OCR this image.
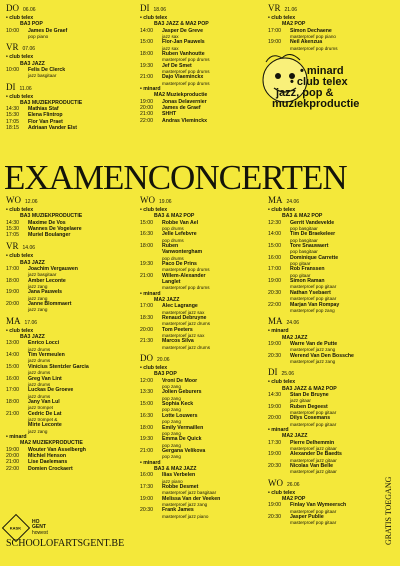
DO 06.06
• club telex
BA3 POP
10:00	James De Graef
pop piano
VR 07.06
• club telex
BA3 JAZZ
10:00	Felis De Clerck
jazz basgitaar
DI 11.06
• club telex
BA3 MUZIEKPRODUCTIE
14:30	Mathias Staf
15:30	Elena Flintrop
17:05	Flor Van Praet
18:15	Adriaan Vander Elst
DI 18.06
• club telex
BA3 JAZZ & MA2 POP
14:00	Jasper De Greve
jazz sax
15:00	Flor-Jan Pauwels
jazz sax
18:00	Ruben Vanhoutte
masterproef pop drums
19:30	Jef De Smet
masterproef pop drums
21:00	Dajo Vlaeminckx
masterproef pop drums
• minard
MA2 Muziekproductie
19:00	Jonas Delavernier
20:00	James de Graef
21:00	SHHT
22:00	Andras Vleminckx
VR 21.06
• club telex
MA2 POP
17:00	Simon Dechaene
masterproef pop piano
19:00	Neil Akenzua
masterproef pop drums
• minard
• club telex
jazz, pop &
muziekproductie
EXAMENCONCERTEN
WO 12.06
• club telex
BA3 MUZIEKPRODUCTIE
14:30	Maxime De Vos
15:30	Wannes De Vogelaere
17:05	Muriel Boulanger
VR 14.06
• club telex
BA3 JAZZ
17:00	Joachim Vergauwen
jazz basgitaar
18:00	Amber Leconte
jazz zang
19:00	Jana Pauwels
jazz zang
20:00	Janne Blommaert
jazz zang
MA 17.06
• club telex
BA3 JAZZ
13:00	Enrico Locci
jazz drums
14:00	Tim Vermeulen
jazz drums
15:00	Vinicius Stentzler Garcia
jazz drums
16:00	Greg Van Lint
jazz drums
17:00	Luckas De Groeve
jazz drums
18:00	Jany Van Lul
jazz trompet
21:00	Cedric De Lat
jazz trompet &
Mirte Leconte
jazz zang
• minard
MA2 MUZIEKPRODUCTIE
19:00	Wouter Van Asselbergh
20:00	Michiel Henson
21:00	Lise Daelemans
22:00	Domien Crockaert
WO 19.06
• club telex
BA3 & MA2 POP
15:00	Robbe Van Ael
pop drums
16:30	Jelle Lefebvre
pop drums
18:00	Ruben
Vanwontergham
pop drums
19:30	Paco De Prins
masterproef pop drums
21:00	Willem-Alexander
Langlet
masterproef pop drums
• minard
MA2 JAZZ
17:00	Alec Lagrange
masterproef jazz sax
18:30	Renaud Debruyne
masterproef jazz drums
20:00	Tom Peeters
masterproef jazz sax
21:30	Marcos Silva
masterproef jazz drums
DO 20.06
• club telex
BA3 POP
12:00	Vroni De Moor
pop zang
13:30	Jolien Geburers
pop zang
15:00	Sophia Keck
pop zang
16:30	Lotte Louwers
pop zang
18:00	Emily Vermaillen
pop zang
19:30	Emma De Quick
pop zang
21:00	Gergana Velikova
pop zang
• minard
BA3 & MA2 JAZZ
16:00	Ilias Verbelen
jazz piano
17:30	Robbe Desmet
masterproef jazz basgitaar
19:00	Melissa Van der Veeken
masterproef jazz zang
20:30	Frank James
masterproef jazz piano
MA 24.06
• club telex
BA3 & MA2 POP
12:30	Gerrit Vandevelde
pop basgitaar
14:00	Tim De Braekeleer
pop basgitaar
15:00	Tore Snauwaert
pop basgitaar
16:00	Dominique Carrette
pop gitaar
17:00	Rob Franssen
pop gitaar
19:00	Simon Raman
masterproef pop gitaar
20:30	Nathan Ysebaert
masterproef pop gitaar
22:00	Marjan Van Rompay
masterproef pop zang
MA 24.06
• minard
MA2 JAZZ
19:00	Warre Van de Putte
masterproef jazz zang
20:30	Werend Van Den Bossche
masterproef jazz zang
DI 25.06
• club telex
BA3 JAZZ & MA2 POP
14:30	Stan De Bruyne
jazz gitaar
19:00	Ruben Degeest
masterproef pop gitaar
20:00	Dilys Cosemans
masterproef pop gitaar
• minard
MA2 JAZZ
17:30	Pierre Delhemmin
masterproef jazz gitaar
19:00	Alexander De Baedts
masterproef jazz gitaar
20:30	Nicolas Van Belle
masterproef jazz gitaar
WO 26.06
• club telex
MA2 POP
19:00	Finlay Van Wymeersch
masterproef pop gitaar
20:30	Jasper Publie
masterproef pop gitaar
KASK
HO
GENT
howest
SCHOOLOFARTSGENT.BE	GRATIS TOEGANG
